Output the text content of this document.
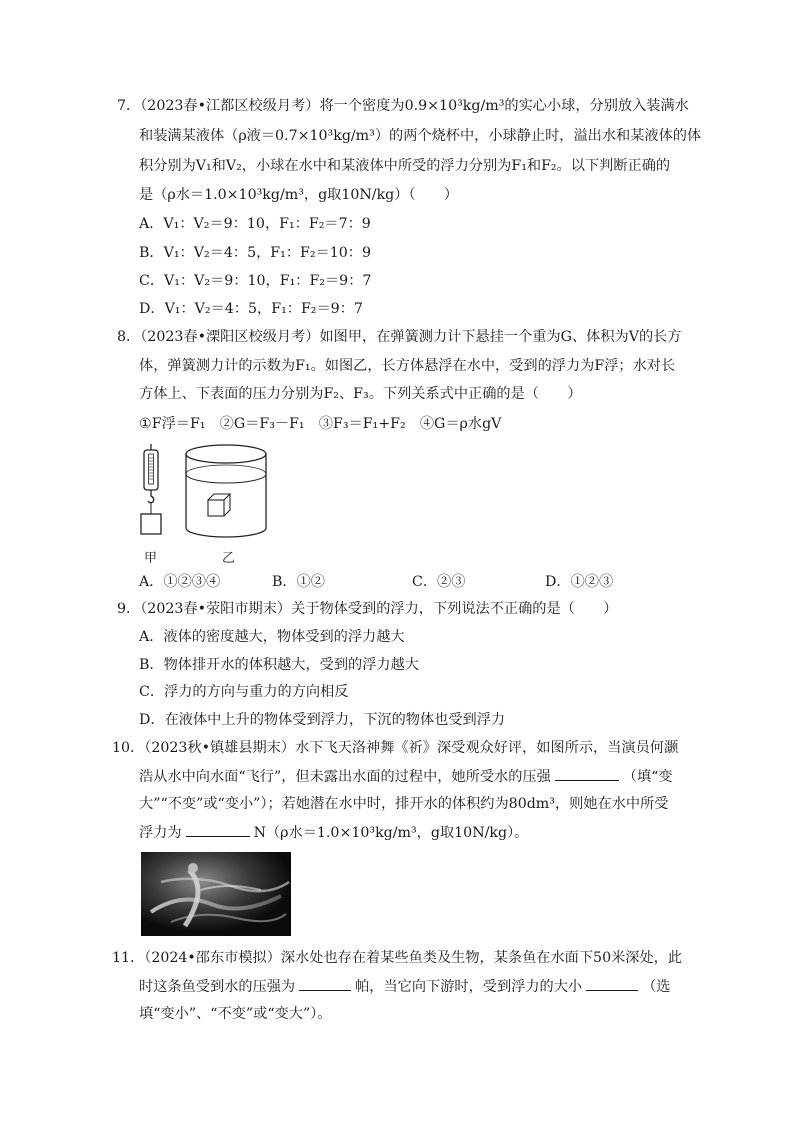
7．（2023春•江都区校级月考）将一个密度为0.9×10³kg/m³的实心小球，分别放入装满水
和装满某液体（ρ液＝0.7×10³kg/m³）的两个烧杯中，小球静止时，溢出水和某液体的体
积分别为V₁和V₂，小球在水中和某液体中所受的浮力分别为F₁和F₂。以下判断正确的
是（ρ水＝1.0×10³kg/m³，g取10N/kg）（　　）
A．V₁：V₂＝9：10，F₁：F₂＝7：9
B．V₁：V₂＝4：5，F₁：F₂＝10：9
C．V₁：V₂＝9：10，F₁：F₂＝9：7
D．V₁：V₂＝4：5，F₁：F₂＝9：7
8．（2023春•溧阳区校级月考）如图甲，在弹簧测力计下悬挂一个重为G、体积为V的长方
体，弹簧测力计的示数为F₁。如图乙，长方体悬浮在水中，受到的浮力为F浮；水对长
方体上、下表面的压力分别为F₂、F₃。下列关系式中正确的是（　　）
①F浮＝F₁　②G＝F₃－F₁　③F₃＝F₁+F₂　④G＝ρ水gV
甲	乙
A．①②③④	B．①②	C．②③	D．①②③
9．（2023春•荥阳市期末）关于物体受到的浮力，下列说法不正确的是（　　）
A．液体的密度越大，物体受到的浮力越大
B．物体排开水的体积越大，受到的浮力越大
C．浮力的方向与重力的方向相反
D．在液体中上升的物体受到浮力，下沉的物体也受到浮力
10．（2023秋•镇雄县期末）水下飞天洛神舞《祈》深受观众好评，如图所示，当演员何灏
浩从水中向水面“飞行”，但未露出水面的过程中，她所受水的压强	（填“变
大”“不变”或“变小”）；若她潜在水中时，排开水的体积约为80dm³，则她在水中所受
浮力为	N（ρ水＝1.0×10³kg/m³，g取10N/kg）。
11．（2024•邵东市模拟）深水处也存在着某些鱼类及生物，某条鱼在水面下50米深处，此
时这条鱼受到水的压强为	帕，当它向下游时，受到浮力的大小	（选
填“变小”、“不变”或“变大”）。
